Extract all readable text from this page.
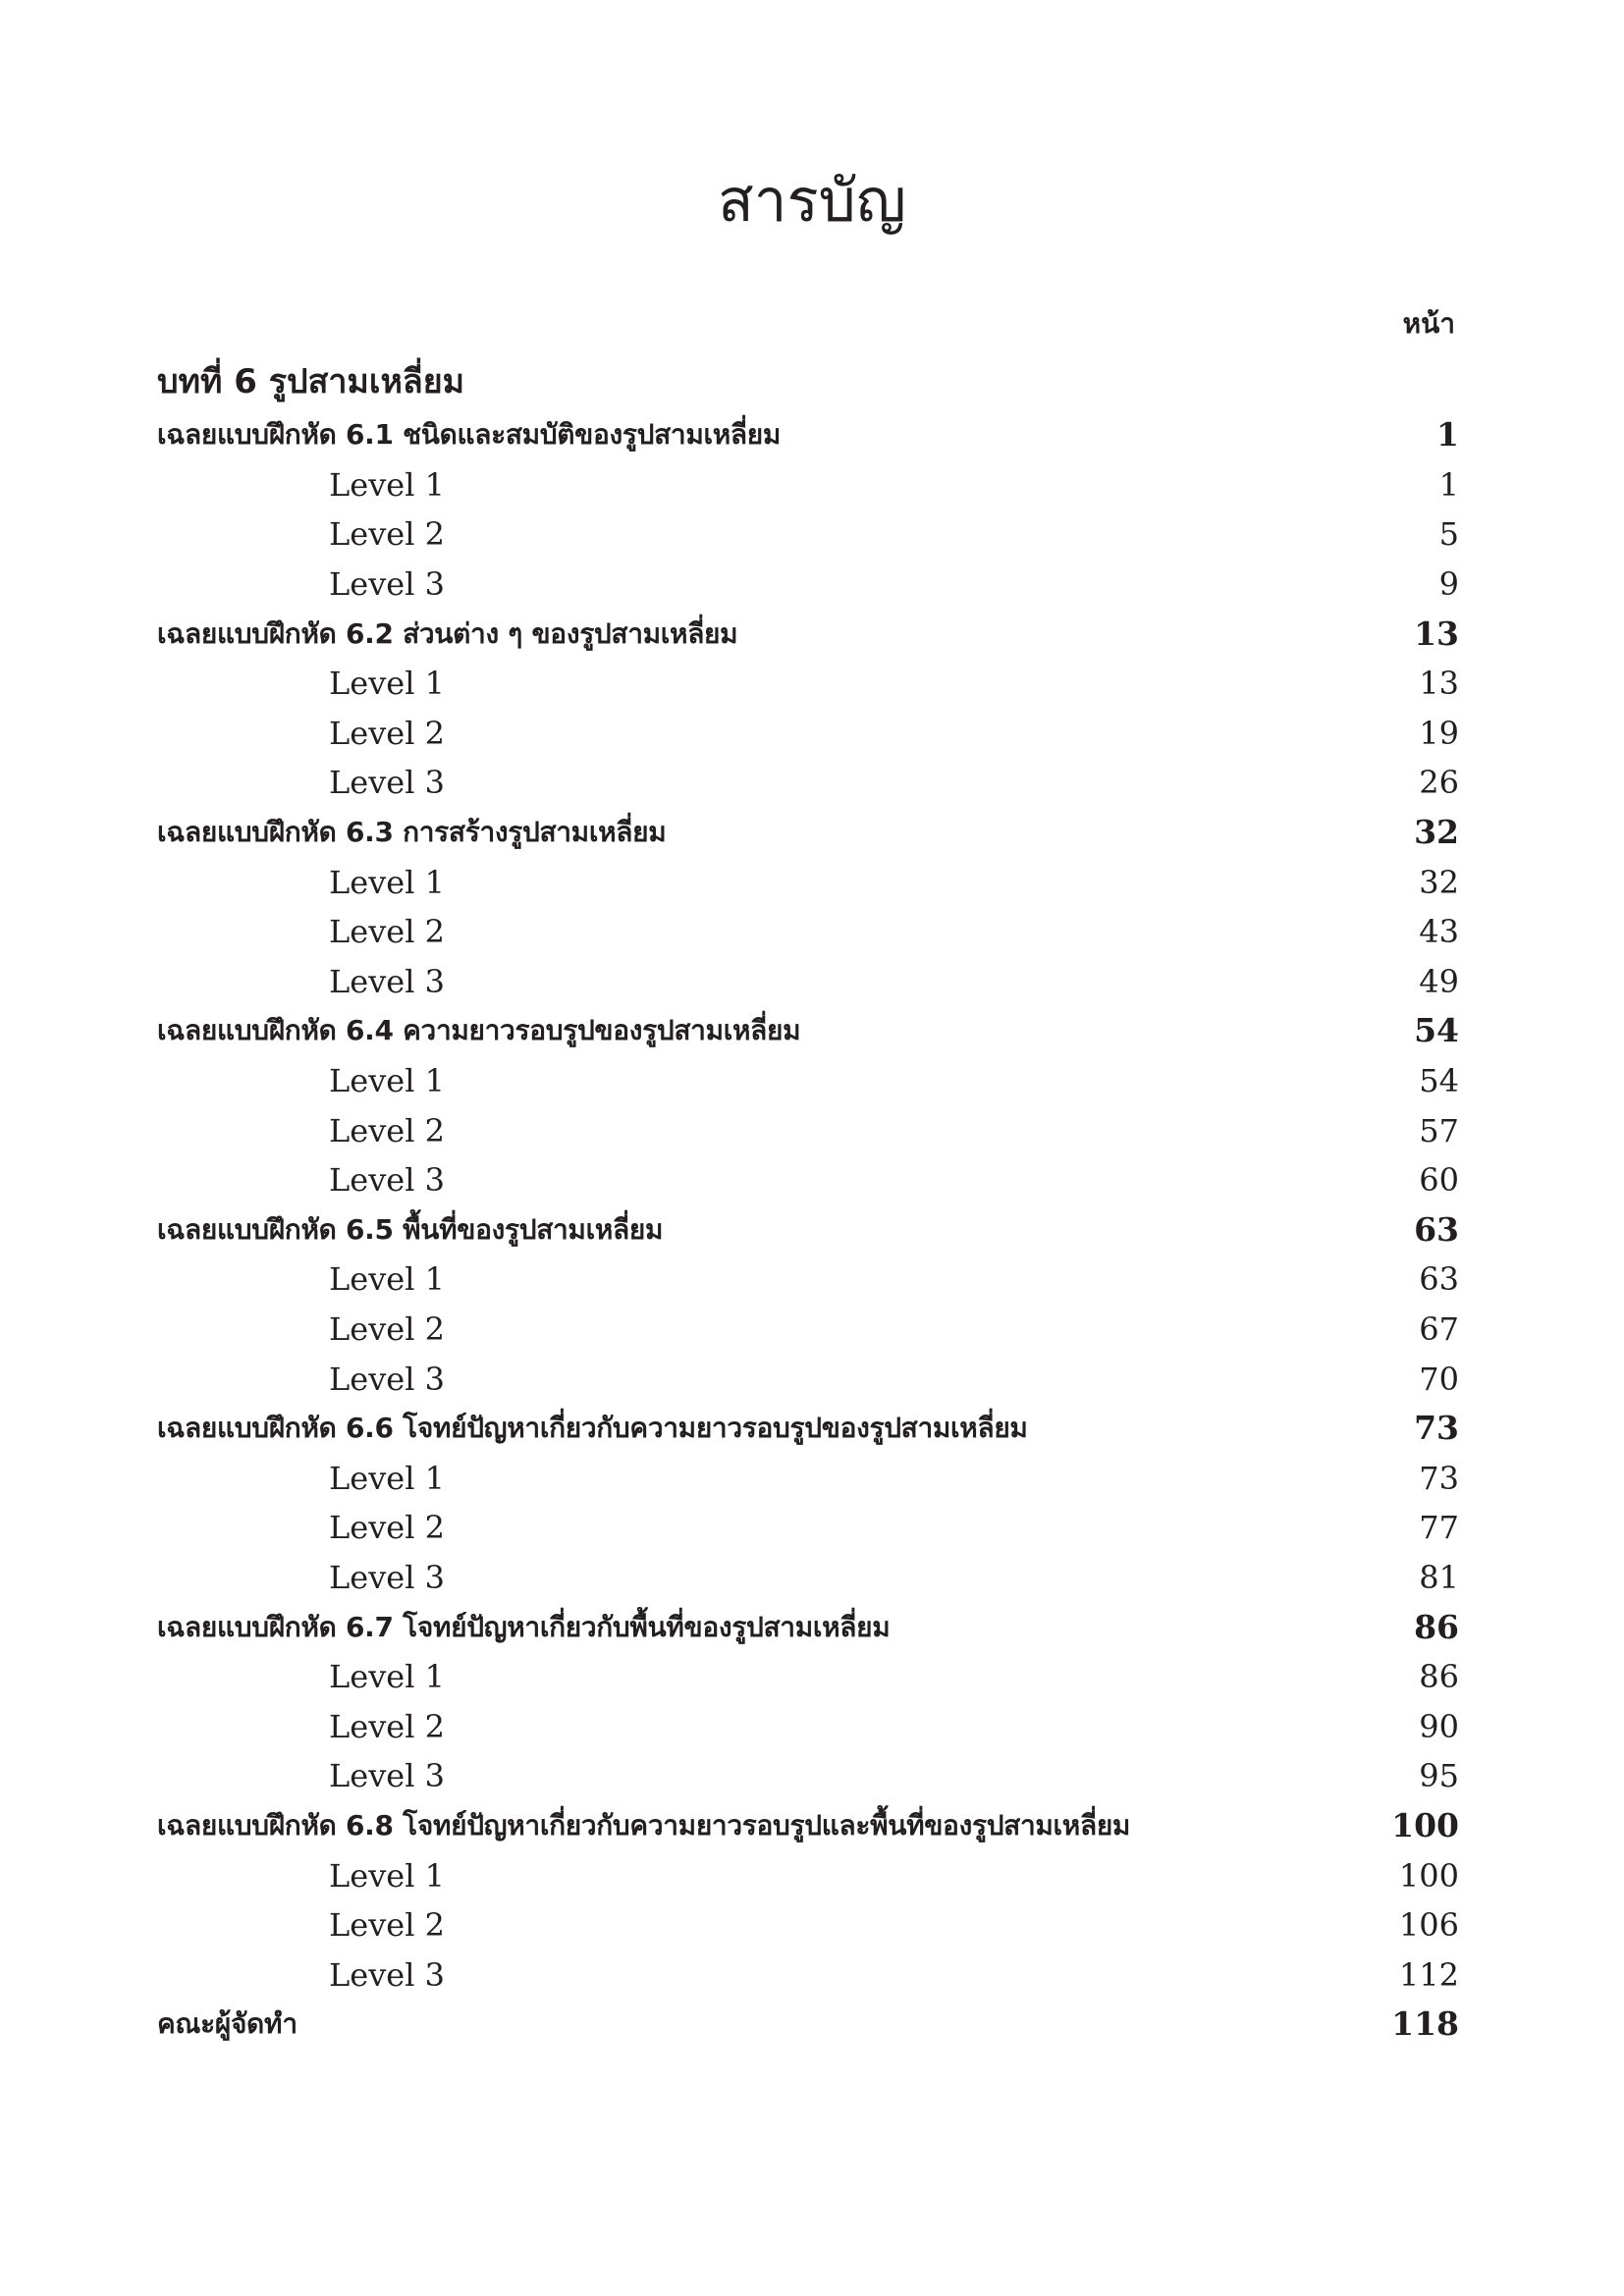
สารบัญ
หน้า
บทที่ 6 รูปสามเหลี่ยม
เฉลยแบบฝึกหัด 6.1 ชนิดและสมบัติของรูปสามเหลี่ยม	1
Level 1	1
Level 2	5
Level 3	9
เฉลยแบบฝึกหัด 6.2 ส่วนต่าง ๆ ของรูปสามเหลี่ยม	13
Level 1	13
Level 2	19
Level 3	26
เฉลยแบบฝึกหัด 6.3 การสร้างรูปสามเหลี่ยม	32
Level 1	32
Level 2	43
Level 3	49
เฉลยแบบฝึกหัด 6.4 ความยาวรอบรูปของรูปสามเหลี่ยม	54
Level 1	54
Level 2	57
Level 3	60
เฉลยแบบฝึกหัด 6.5 พื้นที่ของรูปสามเหลี่ยม	63
Level 1	63
Level 2	67
Level 3	70
เฉลยแบบฝึกหัด 6.6 โจทย์ปัญหาเกี่ยวกับความยาวรอบรูปของรูปสามเหลี่ยม	73
Level 1	73
Level 2	77
Level 3	81
เฉลยแบบฝึกหัด 6.7 โจทย์ปัญหาเกี่ยวกับพื้นที่ของรูปสามเหลี่ยม	86
Level 1	86
Level 2	90
Level 3	95
เฉลยแบบฝึกหัด 6.8 โจทย์ปัญหาเกี่ยวกับความยาวรอบรูปและพื้นที่ของรูปสามเหลี่ยม	100
Level 1	100
Level 2	106
Level 3	112
คณะผู้จัดทำ	118
